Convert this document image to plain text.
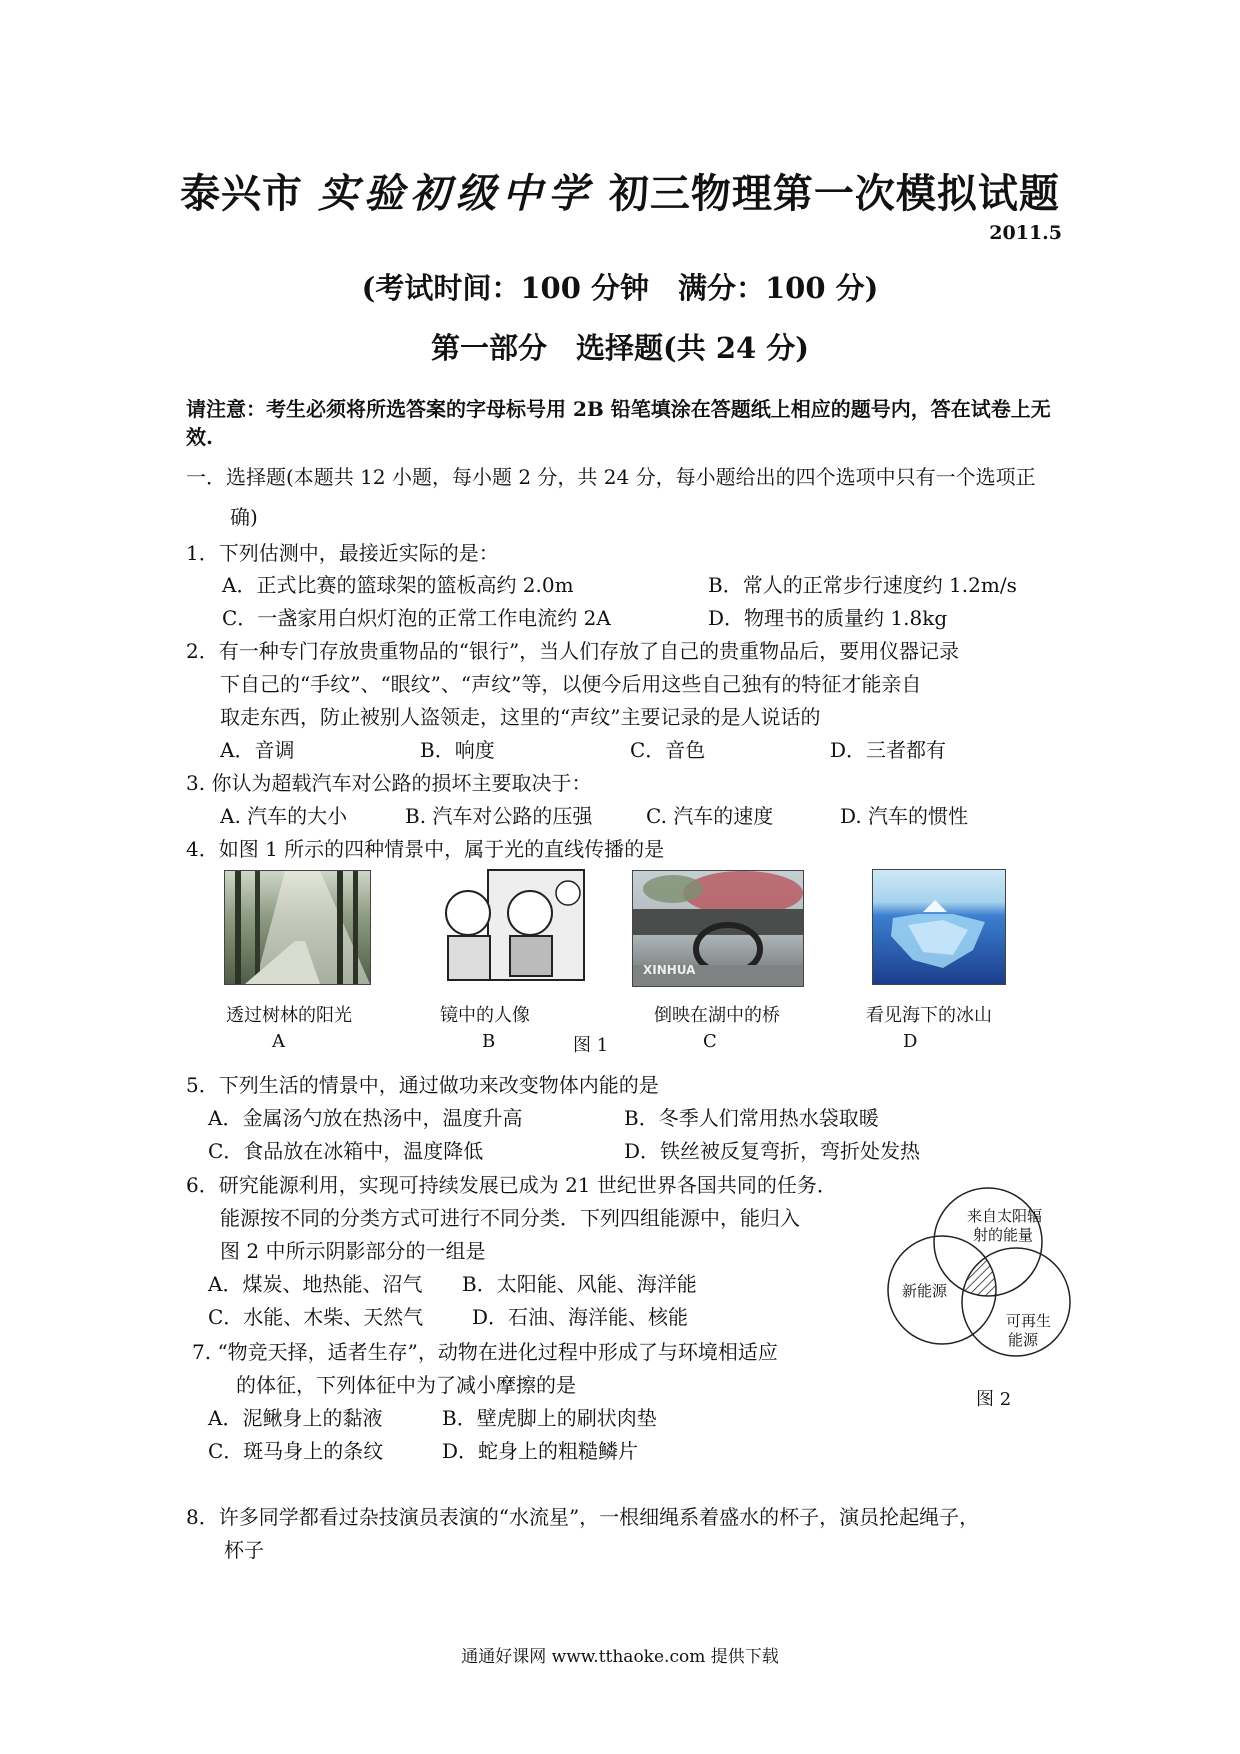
泰兴市 实验初级中学 初三物理第一次模拟试题
2011.5
(考试时间：100 分钟　满分：100 分)
第一部分　选择题(共 24 分)
请注意：考生必须将所选答案的字母标号用 2B 铅笔填涂在答题纸上相应的题号内，答在试卷上无效.
一．选择题(本题共 12 小题，每小题 2 分，共 24 分，每小题给出的四个选项中只有一个选项正
确)
1．下列估测中，最接近实际的是：
A．正式比赛的篮球架的篮板高约 2.0m	B．常人的正常步行速度约 1.2m/s
C．一盏家用白炽灯泡的正常工作电流约 2A	D．物理书的质量约 1.8kg
2．有一种专门存放贵重物品的“银行”，当人们存放了自己的贵重物品后，要用仪器记录
下自己的“手纹”、“眼纹”、“声纹”等，以便今后用这些自己独有的特征才能亲自
取走东西，防止被别人盗领走，这里的“声纹”主要记录的是人说话的
A．音调	B．响度	C．音色	D．三者都有
3. 你认为超载汽车对公路的损坏主要取决于：
A. 汽车的大小	B. 汽车对公路的压强	C. 汽车的速度	D. 汽车的惯性
4．如图 1 所示的四种情景中，属于光的直线传播的是
XINHUA
透过树林的阳光	镜中的人像	倒映在湖中的桥	看见海下的冰山
A	B	图 1	C	D
5．下列生活的情景中，通过做功来改变物体内能的是
A．金属汤勺放在热汤中，温度升高	B．冬季人们常用热水袋取暖
C．食品放在冰箱中，温度降低	D．铁丝被反复弯折，弯折处发热
6．研究能源利用，实现可持续发展已成为 21 世纪世界各国共同的任务．
能源按不同的分类方式可进行不同分类．下列四组能源中，能归入
图 2 中所示阴影部分的一组是
A．煤炭、地热能、沼气 B．太阳能、风能、海洋能
C．水能、木柴、天然气 D．石油、海洋能、核能
来自太阳辐
射的能量
新能源
可再生
能源
图 2
7. “物竞天择，适者生存”，动物在进化过程中形成了与环境相适应
的体征，下列体征中为了减小摩擦的是
A．泥鳅身上的黏液	B．壁虎脚上的刷状肉垫
C．斑马身上的条纹	D．蛇身上的粗糙鳞片
8．许多同学都看过杂技演员表演的“水流星”，一根细绳系着盛水的杯子，演员抡起绳子，
杯子
通通好课网 www.tthaoke.com 提供下载
